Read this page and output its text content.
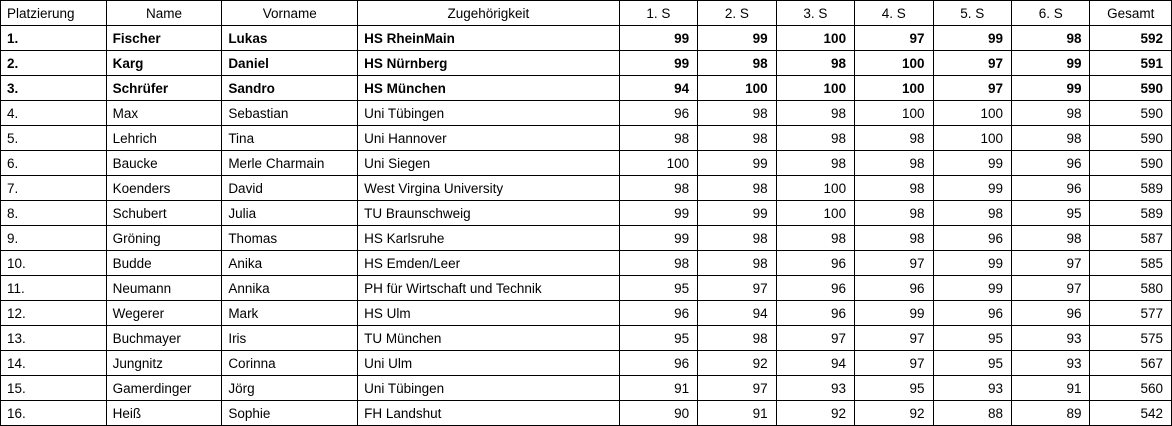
Platzierung	Name	Vorname	Zugehörigkeit	1. S	2. S	3. S	4. S	5. S	6. S	Gesamt
1.	Fischer	Lukas	HS RheinMain	99	99	100	97	99	98	592
2.	Karg	Daniel	HS Nürnberg	99	98	98	100	97	99	591
3.	Schrüfer	Sandro	HS München	94	100	100	100	97	99	590
4.	Max	Sebastian	Uni Tübingen	96	98	98	100	100	98	590
5.	Lehrich	Tina	Uni Hannover	98	98	98	98	100	98	590
6.	Baucke	Merle Charmain	Uni Siegen	100	99	98	98	99	96	590
7.	Koenders	David	West Virgina University	98	98	100	98	99	96	589
8.	Schubert	Julia	TU Braunschweig	99	99	100	98	98	95	589
9.	Gröning	Thomas	HS Karlsruhe	99	98	98	98	96	98	587
10.	Budde	Anika	HS Emden/Leer	98	98	96	97	99	97	585
11.	Neumann	Annika	PH für Wirtschaft und Technik	95	97	96	96	99	97	580
12.	Wegerer	Mark	HS Ulm	96	94	96	99	96	96	577
13.	Buchmayer	Iris	TU München	95	98	97	97	95	93	575
14.	Jungnitz	Corinna	Uni Ulm	96	92	94	97	95	93	567
15.	Gamerdinger	Jörg	Uni Tübingen	91	97	93	95	93	91	560
16.	Heiß	Sophie	FH Landshut	90	91	92	92	88	89	542
